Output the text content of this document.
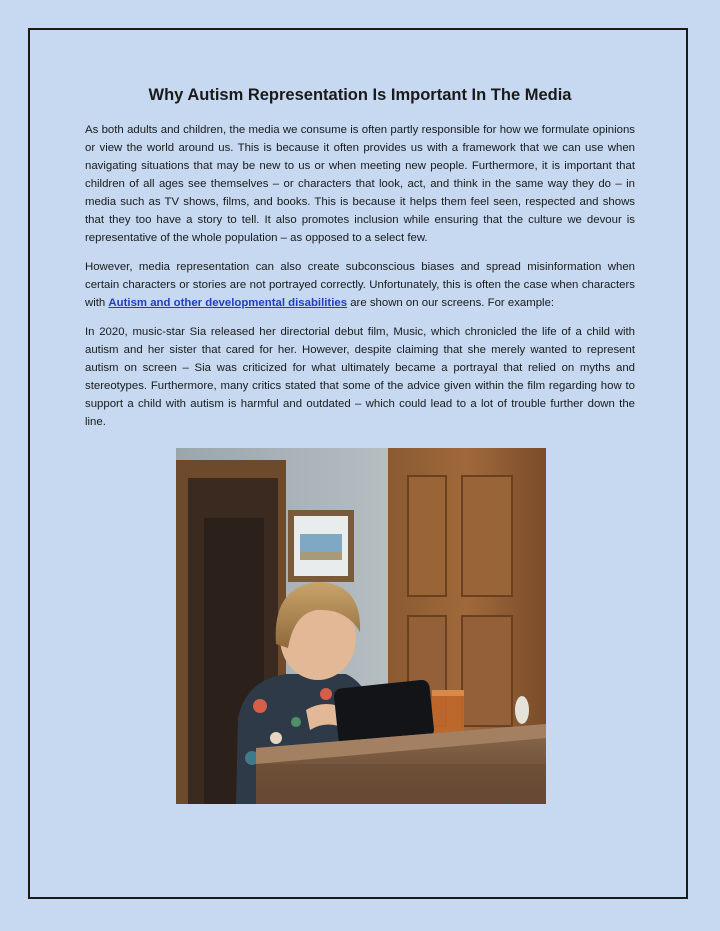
Why Autism Representation Is Important In The Media

As both adults and children, the media we consume is often partly responsible for how we formulate opinions or view the world around us. This is because it often provides us with a framework that we can use when navigating situations that may be new to us or when meeting new people. Furthermore, it is important that children of all ages see themselves – or characters that look, act, and think in the same way they do – in media such as TV shows, films, and books. This is because it helps them feel seen, respected and shows that they too have a story to tell. It also promotes inclusion while ensuring that the culture we devour is representative of the whole population – as opposed to a select few.

However, media representation can also create subconscious biases and spread misinformation when certain characters or stories are not portrayed correctly. Unfortunately, this is often the case when characters with Autism and other developmental disabilities are shown on our screens. For example:

In 2020, music-star Sia released her directorial debut film, Music, which chronicled the life of a child with autism and her sister that cared for her. However, despite claiming that she merely wanted to represent autism on screen – Sia was criticized for what ultimately became a portrayal that relied on myths and stereotypes. Furthermore, many critics stated that some of the advice given within the film regarding how to support a child with autism is harmful and outdated – which could lead to a lot of trouble further down the line.
